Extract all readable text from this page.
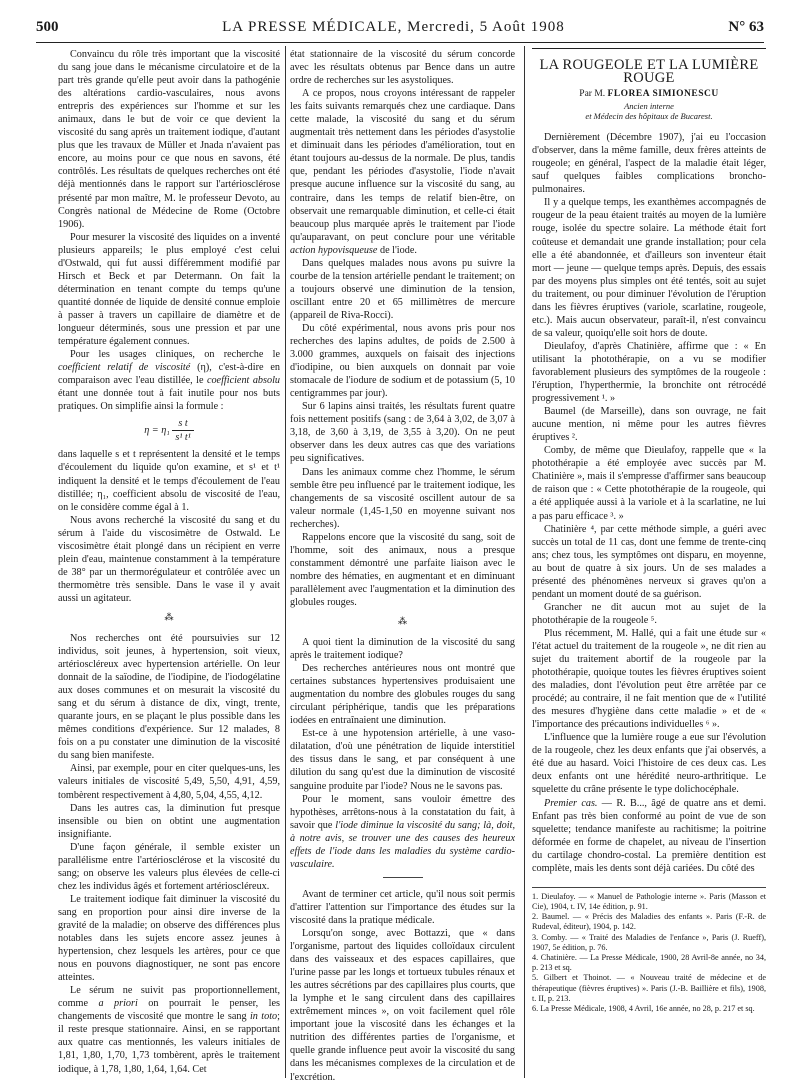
500	LA PRESSE MÉDICALE, Mercredi, 5 Août 1908	N° 63

Convaincu du rôle très important que la viscosité du sang joue dans le mécanisme circulatoire et de la part très grande qu'elle peut avoir dans la pathogénie des altérations cardio-vasculaires, nous avons entrepris des expériences sur l'homme et sur les animaux, dans le but de voir ce que devient la viscosité du sang après un traitement iodique, d'autant plus que les travaux de Müller et Jnada n'avaient pas encore, au moins pour ce que nous en savons, été contrôlés. Les résultats de quelques recherches ont été déjà mentionnés dans le rapport sur l'artériosclérose présenté par mon maître, M. le professeur Devoto, au Congrès national de Médecine de Rome (Octobre 1906).

Pour mesurer la viscosité des liquides on a inventé plusieurs appareils; le plus employé c'est celui d'Ostwald, qui fut aussi différemment modifié par Hirsch et Beck et par Determann. On fait la détermination en tenant compte du temps qu'une quantité donnée de liquide de densité connue emploie à passer à travers un capillaire de diamètre et de longueur déterminés, sous une pression et par une température également connues.

Pour les usages cliniques, on recherche le coefficient relatif de viscosité (η), c'est-à-dire en comparaison avec l'eau distillée, le coefficient absolu étant une donnée tout à fait inutile pour nos buts pratiques. On simplifie ainsi la formule :

$\eta = \eta_1 \frac{\text{s t}}{\text{s¹ t¹}}$

dans laquelle s et t représentent la densité et le temps d'écoulement du liquide qu'on examine, et s¹ et t¹ indiquent la densité et le temps d'écoulement de l'eau distillée; η₁, coefficient absolu de viscosité de l'eau, on le considère comme égal à 1.

Nous avons recherché la viscosité du sang et du sérum à l'aide du viscosimètre de Ostwald. Le viscosimètre était plongé dans un récipient en verre plein d'eau, maintenue constamment à la température de 38° par un thermorégulateur et contrôlée avec un thermomètre très sensible. Dans le vase il y avait aussi un agitateur.

⁂

Nos recherches ont été poursuivies sur 12 individus, soit jeunes, à hypertension, soit vieux, artérioscléreux avec hypertension artérielle. On leur donnait de la saïodine, de l'iodipine, de l'iodogélatine aux doses communes et on mesurait la viscosité du sang et du sérum à distance de dix, vingt, trente, quarante jours, en se plaçant le plus possible dans les mêmes conditions d'expérience. Sur 12 malades, 8 fois on a pu constater une diminution de la viscosité du sang bien manifeste.

Ainsi, par exemple, pour en citer quelques-uns, les valeurs initiales de viscosité 5,49, 5,50, 4,91, 4,59, tombèrent respectivement à 4,80, 5,04, 4,55, 4,12.

Dans les autres cas, la diminution fut presque insensible ou bien on obtint une augmentation insignifiante.

D'une façon générale, il semble exister un parallélisme entre l'artériosclérose et la viscosité du sang; on observe les valeurs plus élevées de celle-ci chez les individus âgés et fortement artérioscléreux.

Le traitement iodique fait diminuer la viscosité du sang en proportion pour ainsi dire inverse de la gravité de la maladie; on observe des différences plus notables dans les sujets encore assez jeunes à hypertension, chez lesquels les artères, pour ce que nous en pouvons diagnostiquer, ne sont pas encore atteintes.

Le sérum ne suivit pas proportionnellement, comme a priori on pourrait le penser, les changements de viscosité que montre le sang in toto; il reste presque stationnaire. Ainsi, en se rapportant aux quatre cas mentionnés, les valeurs initiales de 1,81, 1,80, 1,70, 1,73 tombèrent, après le traitement iodique, à 1,78, 1,80, 1,64, 1,64. Cet

état stationnaire de la viscosité du sérum concorde avec les résultats obtenus par Bence dans un autre ordre de recherches sur les asystoliques.

A ce propos, nous croyons intéressant de rappeler les faits suivants remarqués chez une cardiaque. Dans cette malade, la viscosité du sang et du sérum augmentait très nettement dans les périodes d'asystolie et diminuait dans les périodes d'amélioration, tout en étant toujours au-dessus de la normale. De plus, tandis que, pendant les périodes d'asystolie, l'iode n'avait presque aucune influence sur la viscosité du sang, au contraire, dans les temps de relatif bien-être, on observait une remarquable diminution, et celle-ci était beaucoup plus marquée après le traitement par l'iode qu'auparavant, on peut conclure pour une véritable action hypovisqueuse de l'iode.

Dans quelques malades nous avons pu suivre la courbe de la tension artérielle pendant le traitement; on a toujours observé une diminution de la tension, oscillant entre 20 et 65 millimètres de mercure (appareil de Riva-Rocci).

Du côté expérimental, nous avons pris pour nos recherches des lapins adultes, de poids de 2.500 à 3.000 grammes, auxquels on faisait des injections d'iodipine, ou bien auxquels on donnait par voie stomacale de l'iodure de sodium et de potassium (5, 10 centigrammes par jour).

Sur 6 lapins ainsi traités, les résultats furent quatre fois nettement positifs (sang : de 3,64 à 3,02, de 3,07 à 3,18, de 3,60 à 3,19, de 3,55 à 3,20). On ne peut observer dans les deux autres cas que des variations peu significatives.

Dans les animaux comme chez l'homme, le sérum semble être peu influencé par le traitement iodique, les changements de sa viscosité oscillent autour de sa valeur normale (1,45-1,50 en moyenne suivant nos recherches).

Rappelons encore que la viscosité du sang, soit de l'homme, soit des animaux, nous a presque constamment démontré une parfaite liaison avec le nombre des hématies, en augmentant et en diminuant parallèlement avec l'augmentation et la diminution des globules rouges.

⁂

A quoi tient la diminution de la viscosité du sang après le traitement iodique?

Des recherches antérieures nous ont montré que certaines substances hypertensives produisaient une augmentation du nombre des globules rouges du sang circulant périphérique, tandis que les préparations iodées en entraînaient une diminution.

Est-ce à une hypotension artérielle, à une vaso-dilatation, d'où une pénétration de liquide interstitiel des tissus dans le sang, et par conséquent à une dilution du sang qu'est due la diminution de viscosité sanguine produite par l'iode? Nous ne le savons pas.

Pour le moment, sans vouloir émettre des hypothèses, arrêtons-nous à la constatation du fait, à savoir que l'iode diminue la viscosité du sang; là, doit, à notre avis, se trouver une des causes des heureux effets de l'iode dans les maladies du système cardio-vasculaire.

Avant de terminer cet article, qu'il nous soit permis d'attirer l'attention sur l'importance des études sur la viscosité dans la pratique médicale.

Lorsqu'on songe, avec Bottazzi, que « dans l'organisme, partout des liquides colloïdaux circulent dans des vaisseaux et des espaces capillaires, que l'urine passe par les longs et tortueux tubules rénaux et les autres sécrétions par des capillaires plus courts, que la lymphe et le sang circulent dans des capillaires extrêmement minces », on voit facilement quel rôle important joue la viscosité dans les échanges et la nutrition des différentes parties de l'organisme, et quelle grande influence peut avoir la viscosité du sang dans les mécanismes complexes de la circulation et de l'excrétion.

LA ROUGEOLE ET LA LUMIÈRE ROUGE
Par M. FLOREA SIMIONESCU
Ancien interne
et Médecin des hôpitaux de Bucarest.

Dernièrement (Décembre 1907), j'ai eu l'occasion d'observer, dans la même famille, deux frères atteints de rougeole; en général, l'aspect de la maladie était léger, sauf quelques faibles complications broncho-pulmonaires.

Il y a quelque temps, les exanthèmes accompagnés de rougeur de la peau étaient traités au moyen de la lumière rouge, isolée du spectre solaire. La méthode était fort coûteuse et demandait une grande installation; pour cela elle a été abandonnée, et d'ailleurs son inventeur était mort — jeune — quelque temps après. Depuis, des essais par des moyens plus simples ont été tentés, soit au sujet du traitement, ou pour diminuer l'évolution de l'éruption dans les fièvres éruptives (variole, scarlatine, rougeole, etc.). Mais aucun observateur, paraît-il, n'est convaincu de sa valeur, quoiqu'elle soit hors de doute.

Dieulafoy, d'après Chatinière, affirme que : « En utilisant la photothérapie, on a vu se modifier favorablement plusieurs des symptômes de la rougeole : l'éruption, l'hyperthermie, la bronchite ont rétrocédé progressivement ¹. »

Baumel (de Marseille), dans son ouvrage, ne fait aucune mention, ni même pour les autres fièvres éruptives ².

Comby, de même que Dieulafoy, rappelle que « la photothérapie a été employée avec succès par M. Chatinière », mais il s'empresse d'affirmer sans beaucoup de raison que : « Cette photothérapie de la rougeole, qui a été appliquée aussi à la variole et à la scarlatine, ne lui a pas paru efficace ³. »

Chatinière ⁴, par cette méthode simple, a guéri avec succès un total de 11 cas, dont une femme de trente-cinq ans; chez tous, les symptômes ont disparu, en moyenne, au bout de quatre à six jours. Un de ses malades a présenté des phénomènes nerveux si graves qu'on a pendant un moment douté de sa guérison.

Grancher ne dit aucun mot au sujet de la photothérapie de la rougeole ⁵.

Plus récemment, M. Hallé, qui a fait une étude sur « l'état actuel du traitement de la rougeole », ne dit rien au sujet du traitement abortif de la rougeole par la photothérapie, quoique toutes les fièvres éruptives soient des maladies, dont l'évolution peut être arrêtée par ce procédé; au contraire, il ne fait mention que de « l'utilité des mesures d'hygiène dans cette maladie » et de « l'importance des précautions individuelles ⁶ ».

L'influence que la lumière rouge a eue sur l'évolution de la rougeole, chez les deux enfants que j'ai observés, a été due au hasard. Voici l'histoire de ces deux cas. Les deux enfants ont une hérédité neuro-arthritique. Le squelette du crâne présente le type dolichocéphale.

Premier cas. — R. B..., âgé de quatre ans et demi. Enfant pas très bien conformé au point de vue de son squelette; tendance manifeste au rachitisme; la poitrine déformée en forme de chapelet, au niveau de l'insertion du cartilage chondro-costal. La première dentition est complète, mais les dents sont déjà cariées. Du côté des

1. Dieulafoy. — « Manuel de Pathologie interne ». Paris (Masson et Cie), 1904, t. IV, 14e édition, p. 91.
2. Baumel. — « Précis des Maladies des enfants ». Paris (F.-R. de Rudeval, éditeur), 1904, p. 142.
3. Comby. — « Traité des Maladies de l'enfance », Paris (J. Rueff), 1907, 5e édition, p. 76.
4. Chatinière. — La Presse Médicale, 1900, 28 Avril-8e année, no 34, p. 213 et sq.
5. Gilbert et Thoinot. — « Nouveau traité de médecine et de thérapeutique (fièvres éruptives) ». Paris (J.-B. Baillière et fils), 1908, t. II, p. 213.
6. La Presse Médicale, 1908, 4 Avril, 16e année, no 28, p. 217 et sq.
